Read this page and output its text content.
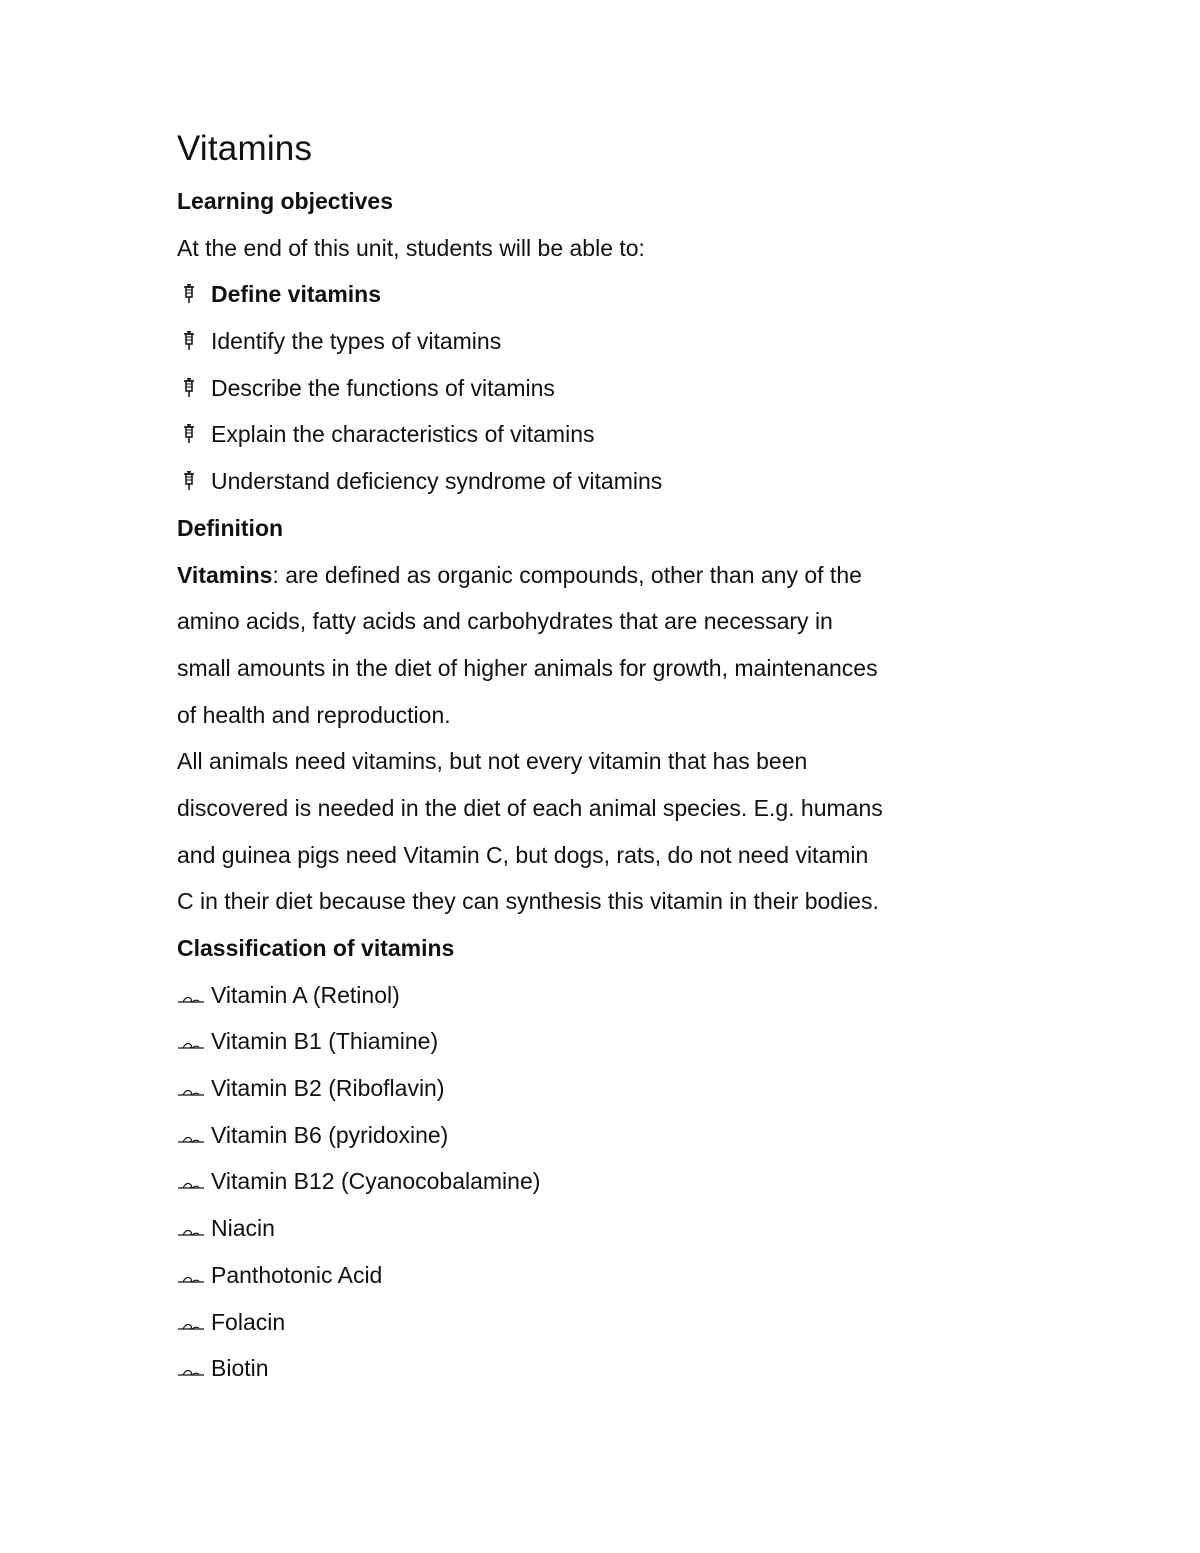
Vitamins

Learning objectives

At the end of this unit, students will be able to:

Define vitamins
Identify the types of vitamins
Describe the functions of vitamins
Explain the characteristics of vitamins
Understand deficiency syndrome of vitamins

Definition

Vitamins: are defined as organic compounds, other than any of the

amino acids, fatty acids and carbohydrates that are necessary in

small amounts in the diet of higher animals for growth, maintenances

of health and reproduction.

All animals need vitamins, but not every vitamin that has been

discovered is needed in the diet of each animal species. E.g. humans

and guinea pigs need Vitamin C, but dogs, rats, do not need vitamin

C in their diet because they can synthesis this vitamin in their bodies.

Classification of vitamins

Vitamin A (Retinol)
Vitamin B1 (Thiamine)
Vitamin B2 (Riboflavin)
Vitamin B6 (pyridoxine)
Vitamin B12 (Cyanocobalamine)
Niacin
Panthotonic Acid
Folacin
Biotin
